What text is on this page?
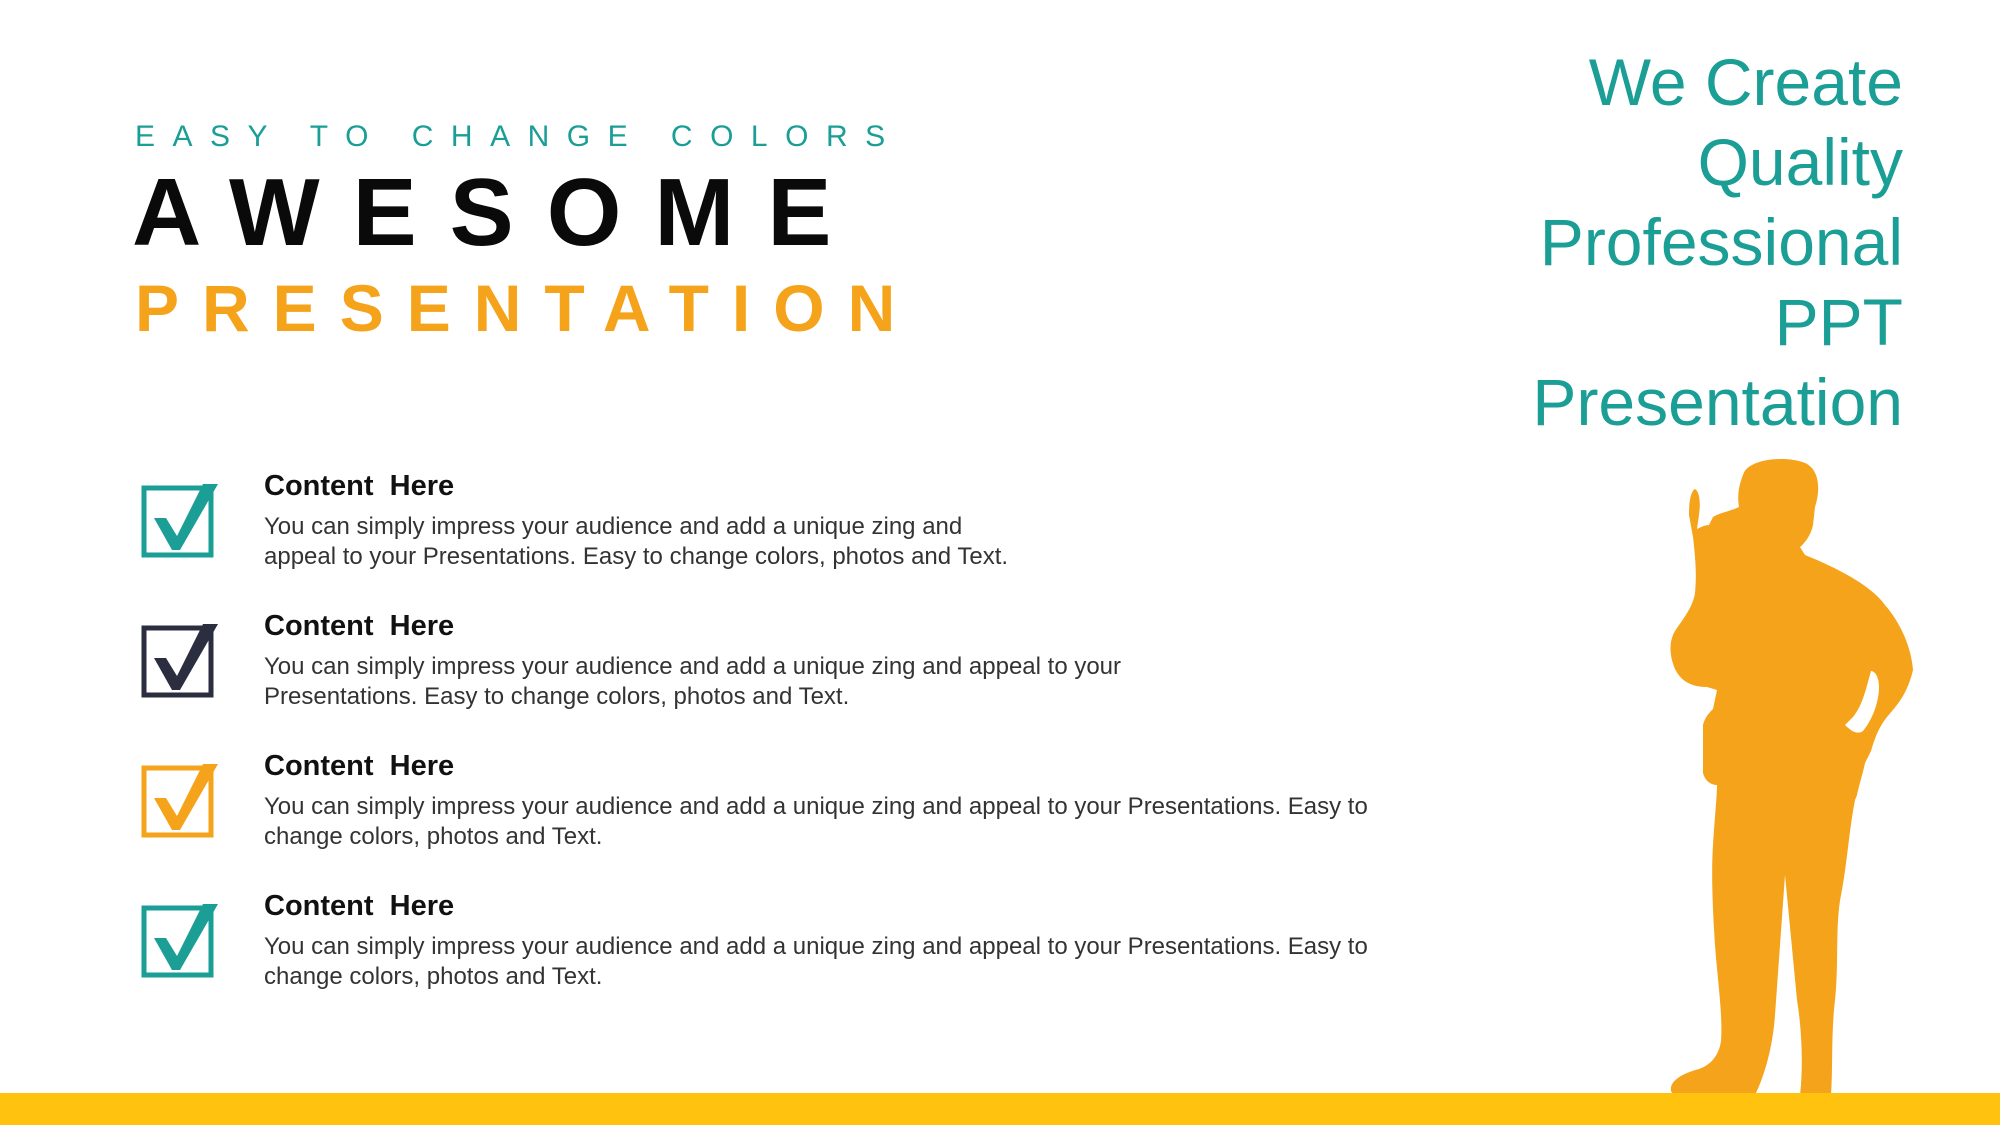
EASY TO CHANGE COLORS
AWESOME
PRESENTATION
We Create
Quality
Professional
PPT
Presentation
Content  Here
You can simply impress your audience and add a unique zing and
appeal to your Presentations. Easy to change colors, photos and Text.
Content  Here
You can simply impress your audience and add a unique zing and appeal to your
Presentations. Easy to change colors, photos and Text.
Content  Here
You can simply impress your audience and add a unique zing and appeal to your Presentations. Easy to
change colors, photos and Text.
Content  Here
You can simply impress your audience and add a unique zing and appeal to your Presentations. Easy to
change colors, photos and Text.
